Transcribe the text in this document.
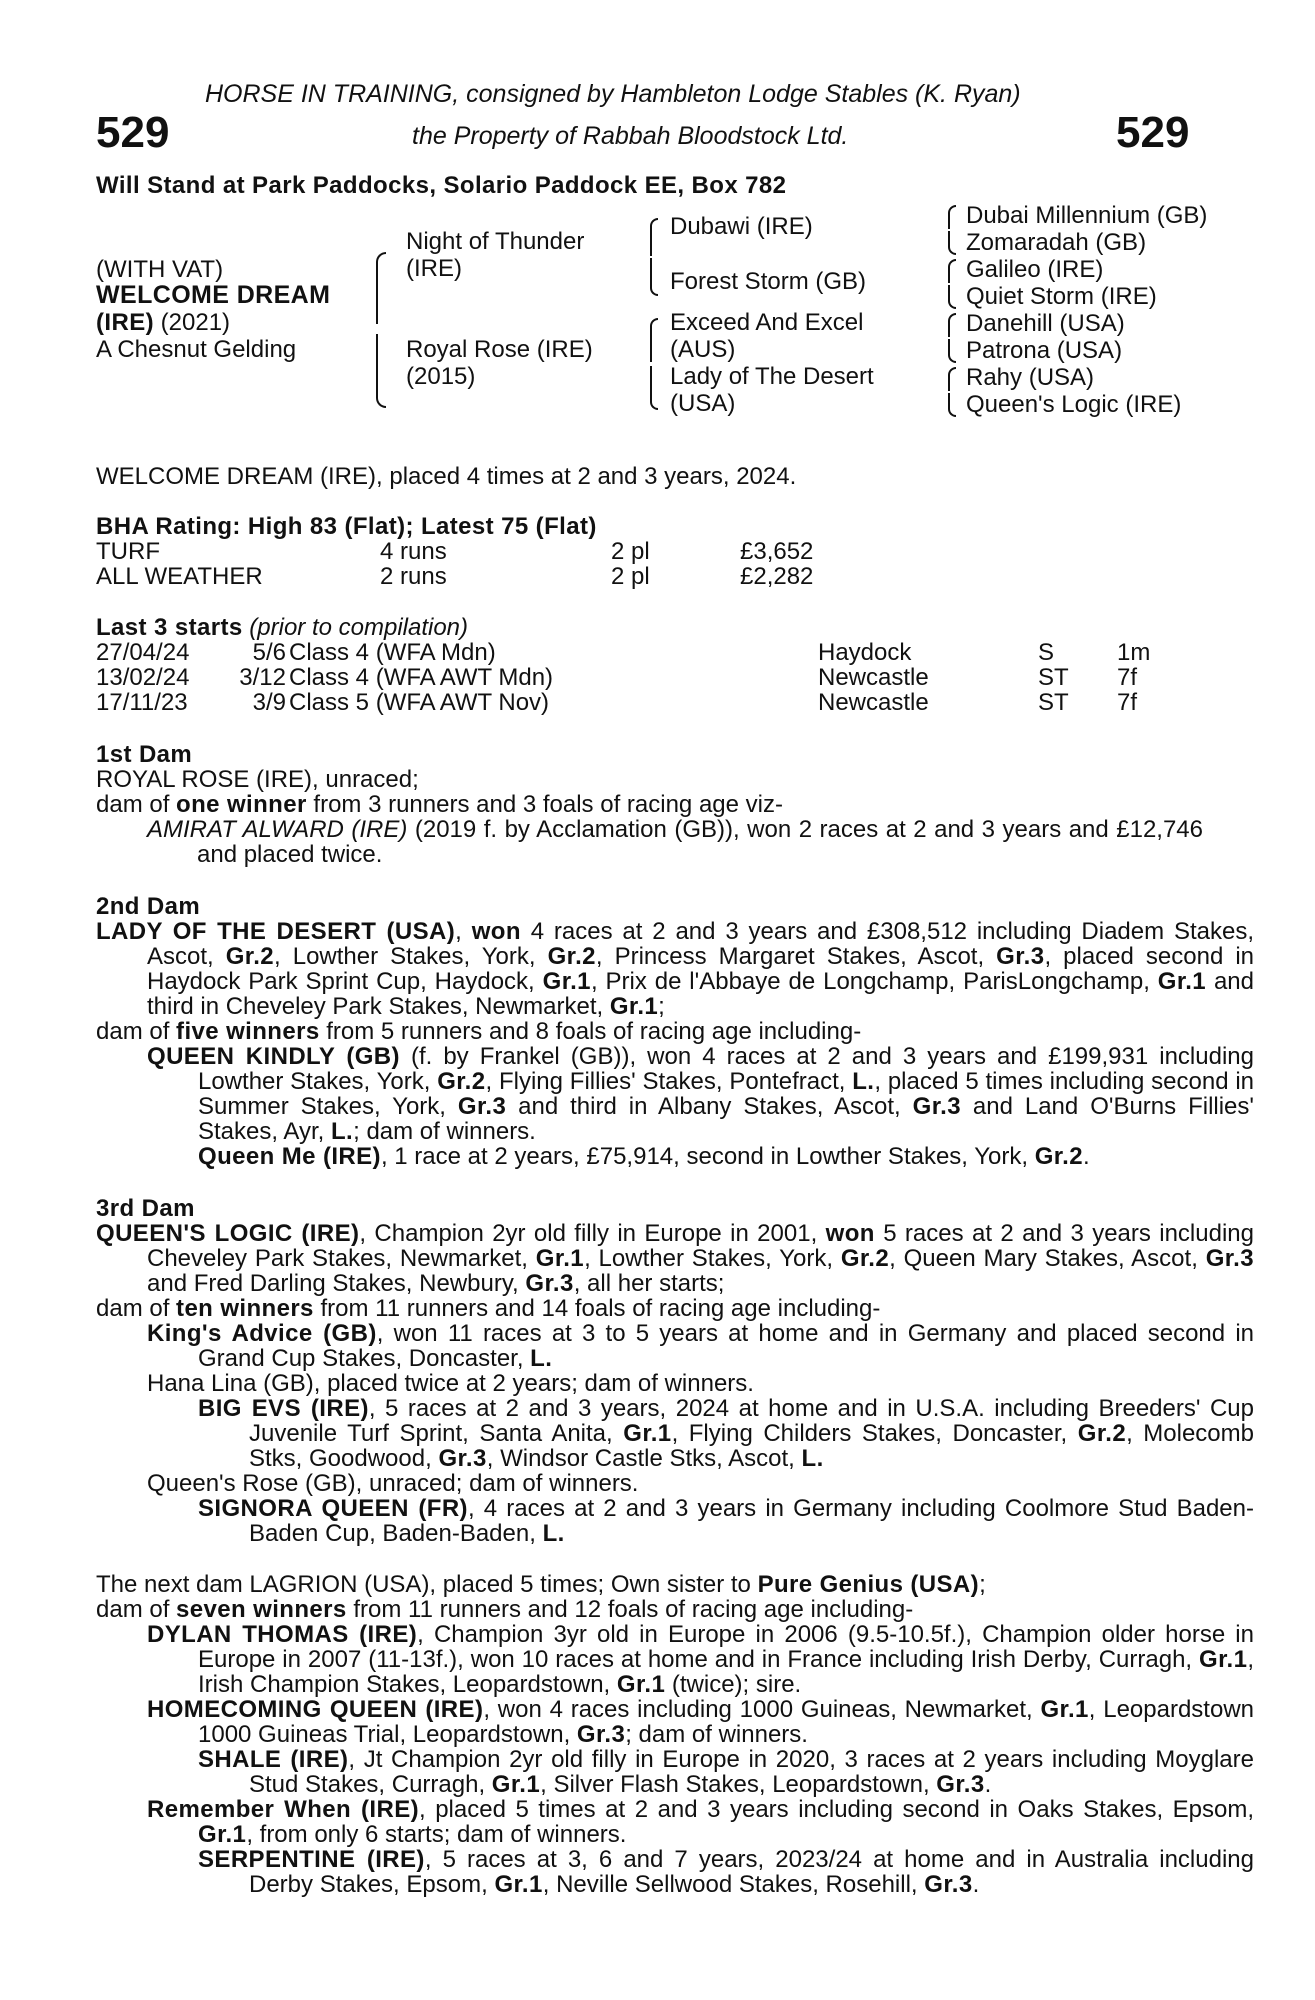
HORSE IN TRAINING, consigned by Hambleton Lodge Stables (K. Ryan)
529	the Property of Rabbah Bloodstock Ltd.	529
Will Stand at Park Paddocks, Solario Paddock EE, Box 782
(WITH VAT)
WELCOME DREAM
(IRE) (2021)
A Chesnut Gelding
Night of Thunder
(IRE)
Royal Rose (IRE)
(2015)
Dubawi (IRE)
Forest Storm (GB)
Exceed And Excel
(AUS)
Lady of The Desert
(USA)
Dubai Millennium (GB)
Zomaradah (GB)
Galileo (IRE)
Quiet Storm (IRE)
Danehill (USA)
Patrona (USA)
Rahy (USA)
Queen's Logic (IRE)
WELCOME DREAM (IRE), placed 4 times at 2 and 3 years, 2024.
BHA Rating: High 83 (Flat); Latest 75 (Flat)
TURF	4 runs	2 pl	£3,652
ALL WEATHER	2 runs	2 pl	£2,282
Last 3 starts (prior to compilation)
27/04/24	5/6 Class 4 (WFA Mdn)	Haydock	S	1m
13/02/24	3/12 Class 4 (WFA AWT Mdn)	Newcastle	ST 7f
17/11/23	3/9 Class 5 (WFA AWT Nov)	Newcastle	ST 7f
1st Dam
ROYAL ROSE (IRE), unraced;
dam of one winner from 3 runners and 3 foals of racing age viz-
AMIRAT ALWARD (IRE) (2019 f. by Acclamation (GB)), won 2 races at 2 and 3 years and £12,746 and placed twice.
2nd Dam
LADY OF THE DESERT (USA), won 4 races at 2 and 3 years and £308,512 including Diadem Stakes, Ascot, Gr.2, Lowther Stakes, York, Gr.2, Princess Margaret Stakes, Ascot, Gr.3, placed second in Haydock Park Sprint Cup, Haydock, Gr.1, Prix de l'Abbaye de Longchamp, ParisLongchamp, Gr.1 and third in Cheveley Park Stakes, Newmarket, Gr.1;
dam of five winners from 5 runners and 8 foals of racing age including-
QUEEN KINDLY (GB) (f. by Frankel (GB)), won 4 races at 2 and 3 years and £199,931 including Lowther Stakes, York, Gr.2, Flying Fillies' Stakes, Pontefract, L., placed 5 times including second in Summer Stakes, York, Gr.3 and third in Albany Stakes, Ascot, Gr.3 and Land O'Burns Fillies' Stakes, Ayr, L.; dam of winners.
Queen Me (IRE), 1 race at 2 years, £75,914, second in Lowther Stakes, York, Gr.2.
3rd Dam
QUEEN'S LOGIC (IRE), Champion 2yr old filly in Europe in 2001, won 5 races at 2 and 3 years including Cheveley Park Stakes, Newmarket, Gr.1, Lowther Stakes, York, Gr.2, Queen Mary Stakes, Ascot, Gr.3 and Fred Darling Stakes, Newbury, Gr.3, all her starts;
dam of ten winners from 11 runners and 14 foals of racing age including-
King's Advice (GB), won 11 races at 3 to 5 years at home and in Germany and placed second in Grand Cup Stakes, Doncaster, L.
Hana Lina (GB), placed twice at 2 years; dam of winners.
BIG EVS (IRE), 5 races at 2 and 3 years, 2024 at home and in U.S.A. including Breeders' Cup Juvenile Turf Sprint, Santa Anita, Gr.1, Flying Childers Stakes, Doncaster, Gr.2, Molecomb Stks, Goodwood, Gr.3, Windsor Castle Stks, Ascot, L.
Queen's Rose (GB), unraced; dam of winners.
SIGNORA QUEEN (FR), 4 races at 2 and 3 years in Germany including Coolmore Stud Baden-Baden Cup, Baden-Baden, L.
The next dam LAGRION (USA), placed 5 times; Own sister to Pure Genius (USA);
dam of seven winners from 11 runners and 12 foals of racing age including-
DYLAN THOMAS (IRE), Champion 3yr old in Europe in 2006 (9.5-10.5f.), Champion older horse in Europe in 2007 (11-13f.), won 10 races at home and in France including Irish Derby, Curragh, Gr.1, Irish Champion Stakes, Leopardstown, Gr.1 (twice); sire.
HOMECOMING QUEEN (IRE), won 4 races including 1000 Guineas, Newmarket, Gr.1, Leopardstown 1000 Guineas Trial, Leopardstown, Gr.3; dam of winners.
SHALE (IRE), Jt Champion 2yr old filly in Europe in 2020, 3 races at 2 years including Moyglare Stud Stakes, Curragh, Gr.1, Silver Flash Stakes, Leopardstown, Gr.3.
Remember When (IRE), placed 5 times at 2 and 3 years including second in Oaks Stakes, Epsom, Gr.1, from only 6 starts; dam of winners.
SERPENTINE (IRE), 5 races at 3, 6 and 7 years, 2023/24 at home and in Australia including Derby Stakes, Epsom, Gr.1, Neville Sellwood Stakes, Rosehill, Gr.3.
